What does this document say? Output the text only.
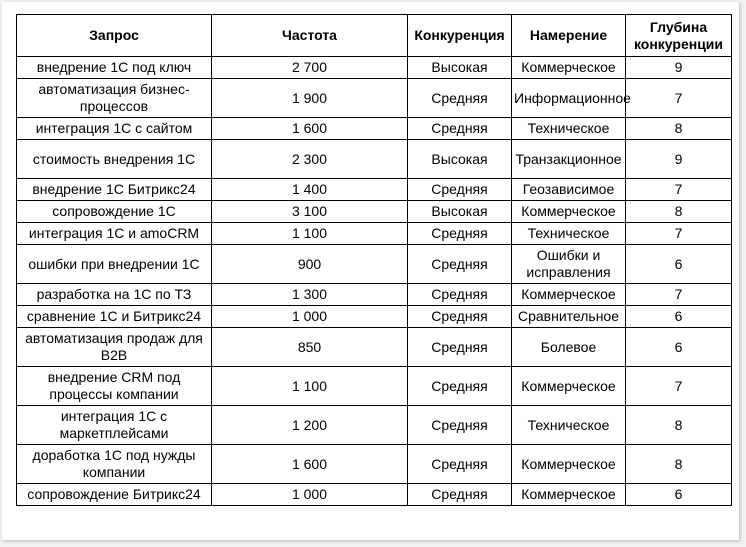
Запрос	Частота	Конкуренция	Намерение	Глубина конкуренции
внедрение 1С под ключ	2 700	Высокая	Коммерческое	9
автоматизация бизнес-процессов	1 900	Средняя	Информационное	7
интеграция 1С с сайтом	1 600	Средняя	Техническое	8
стоимость внедрения 1С	2 300	Высокая	Транзакционное	9
внедрение 1С Битрикс24	1 400	Средняя	Геозависимое	7
сопровождение 1С	3 100	Высокая	Коммерческое	8
интеграция 1С и amoCRM	1 100	Средняя	Техническое	7
ошибки при внедрении 1С	900	Средняя	Ошибки и исправления	6
разработка на 1С по ТЗ	1 300	Средняя	Коммерческое	7
сравнение 1С и Битрикс24	1 000	Средняя	Сравнительное	6
автоматизация продаж для B2B	850	Средняя	Болевое	6
внедрение CRM под процессы компании	1 100	Средняя	Коммерческое	7
интеграция 1С с маркетплейсами	1 200	Средняя	Техническое	8
доработка 1С под нужды компании	1 600	Средняя	Коммерческое	8
сопровождение Битрикс24	1 000	Средняя	Коммерческое	6
